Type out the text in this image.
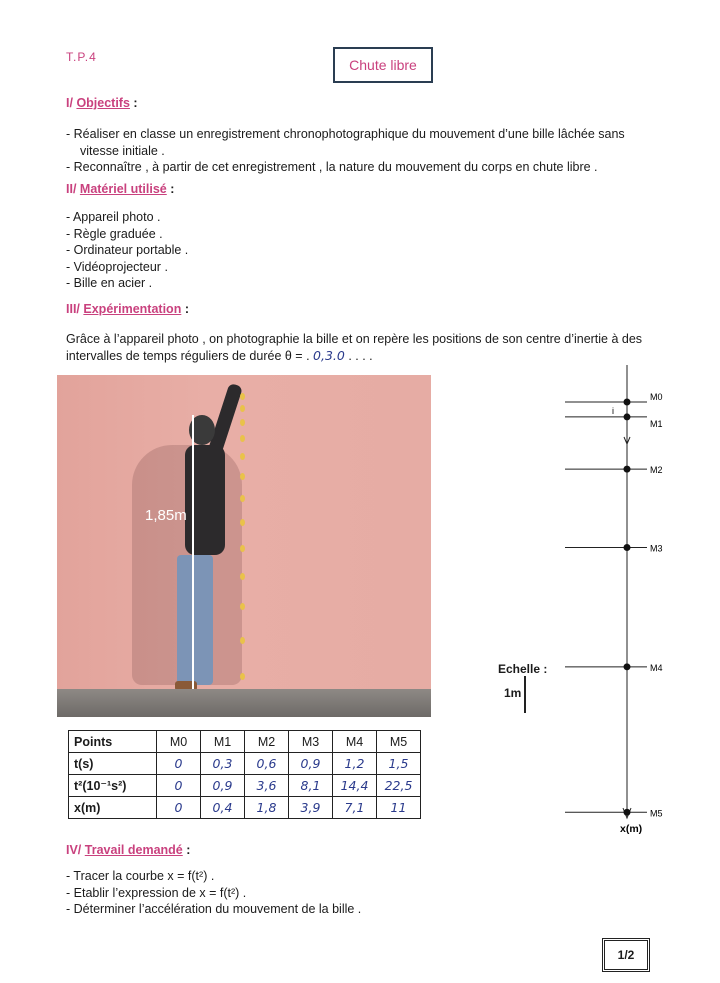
T.P.4	Chute libre
I/ Objectifs :
- Réaliser en classe un enregistrement chronophotographique du mouvement d’une bille lâchée sans
vitesse initiale .
- Reconnaître , à partir de cet enregistrement , la nature du mouvement du corps en chute libre .
II/ Matériel utilisé :
- Appareil photo .
- Règle graduée .
- Ordinateur portable .
- Vidéoprojecteur .
- Bille en acier .
III/ Expérimentation :
Grâce à l’appareil photo , on photographie la bille et on repère les positions de son centre d’inertie à des
intervalles de temps réguliers de durée θ = . 0,3.0 . . . .
1,85m
Points	M0	M1	M2	M3	M4	M5
t(s)	0	0,3	0,6	0,9	1,2	1,5
t²(10⁻¹s²)	0	0,9	3,6	8,1	14,4	22,5
x(m)	0	0,4	1,8	3,9	7,1	11
i
M0
M1
M2
M3
M4
M5
x(m)
Echelle :
1m
IV/ Travail demandé :
- Tracer la courbe x = f(t²) .
- Etablir l’expression de x = f(t²) .
- Déterminer l’accélération du mouvement de la bille .
1/2
